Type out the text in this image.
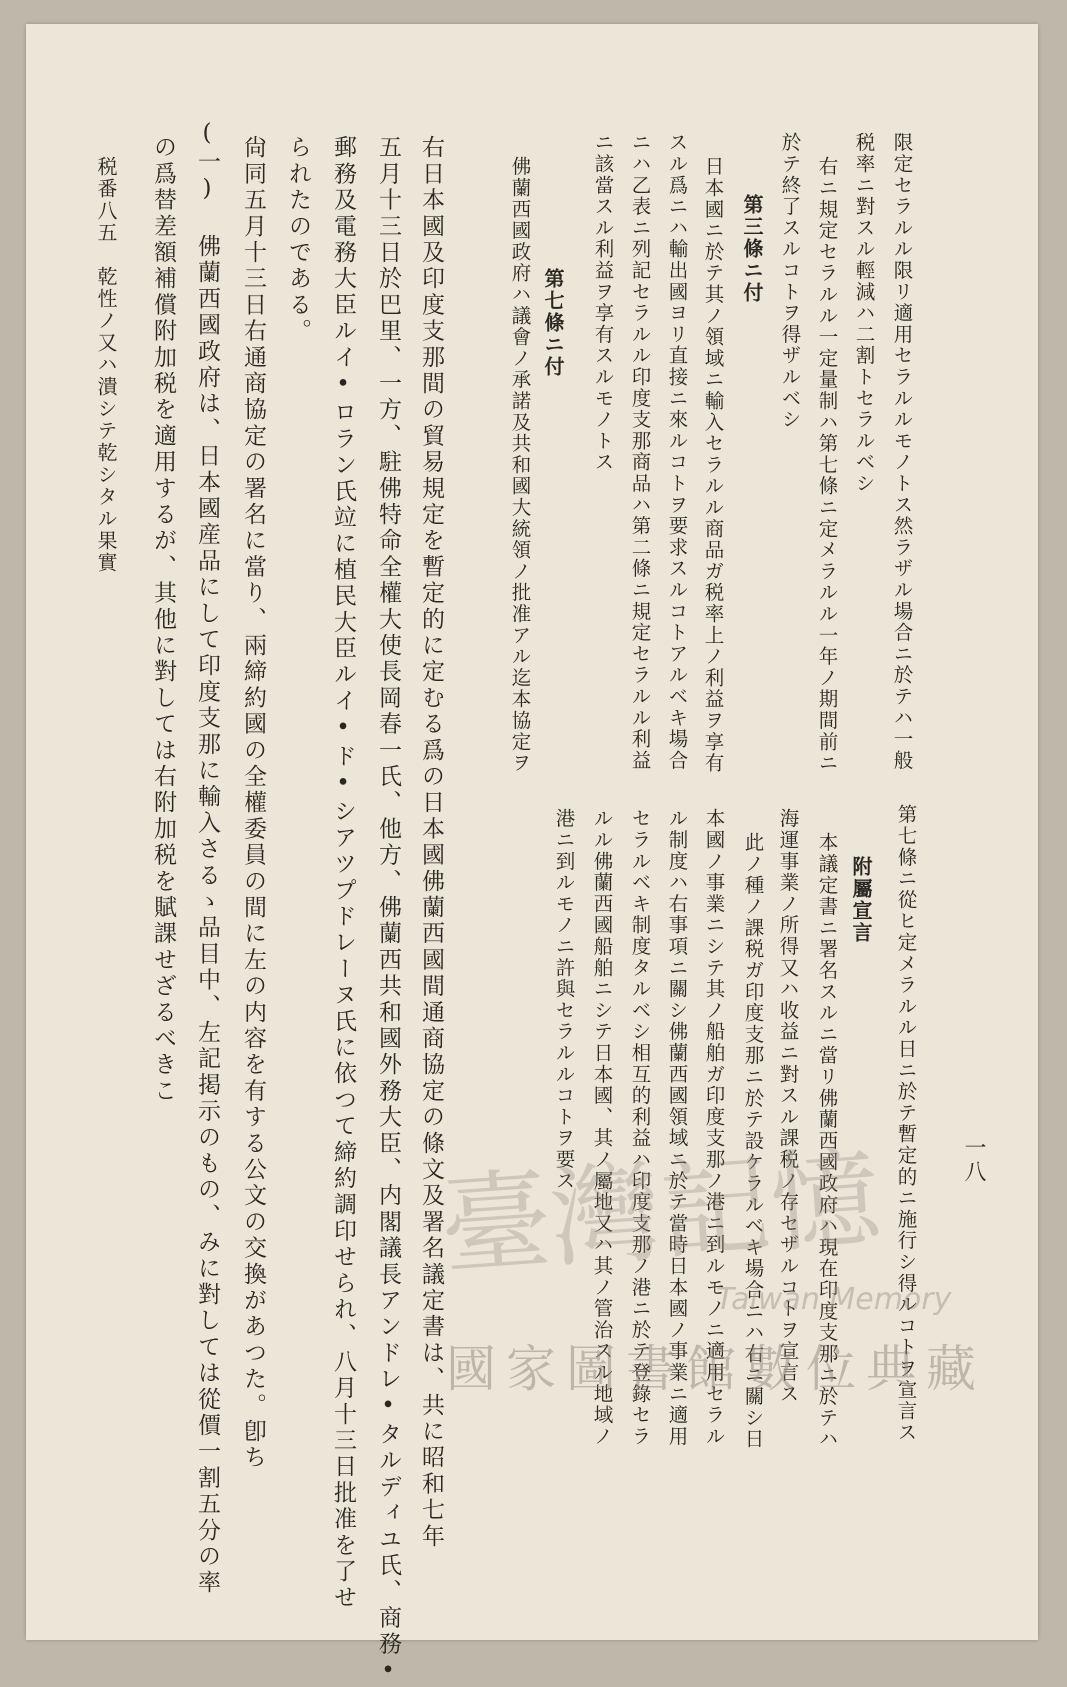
一八
第七條ニ從ヒ定メラルル日ニ於テ暫定的ニ施行シ得ルコトヲ宣言ス
附屬宣言
本議定書ニ署名スルニ當リ佛蘭西國政府ハ現在印度支那ニ於テハ
海運事業ノ所得又ハ收益ニ對スル課税ノ存セザルコトヲ宣言ス
此ノ種ノ課税ガ印度支那ニ於テ設ケラルベキ場合ニハ右ニ關シ日
本國ノ事業ニシテ其ノ船舶ガ印度支那ノ港ニ到ルモノニ適用セラル
ル制度ハ右事項ニ關シ佛蘭西國領域ニ於テ當時日本國ノ事業ニ適用
セラルベキ制度タルベシ相互的利益ハ印度支那ノ港ニ於テ登錄セラ
ルル佛蘭西國船舶ニシテ日本國、其ノ屬地又ハ其ノ管治スル地域ノ
港ニ到ルモノニ許與セラルルコトヲ要ス
限定セラルル限リ適用セラルルモノトス然ラザル場合ニ於テハ一般
税率ニ對スル輕減ハ二割トセラルベシ
右ニ規定セラルル一定量制ハ第七條ニ定メラルル一年ノ期間前ニ
於テ終了スルコトヲ得ザルベシ
第三條ニ付
日本國ニ於テ其ノ領域ニ輸入セラルル商品ガ税率上ノ利益ヲ享有
スル爲ニハ輸出國ヨリ直接ニ來ルコトヲ要求スルコトアルベキ場合
ニハ乙表ニ列記セラルル印度支那商品ハ第二條ニ規定セラルル利益
ニ該當スル利益ヲ享有スルモノトス
第七條ニ付
佛蘭西國政府ハ議會ノ承諾及共和國大統領ノ批准アル迄本協定ヲ
右日本國及印度支那間の貿易規定を暫定的に定むる爲の日本國佛蘭西國間通商協定の條文及署名議定書は、共に昭和七年
五月十三日於巴里、一方、駐佛特命全權大使長岡春一氏、他方、佛蘭西共和國外務大臣、内閣議長アンドレ•タルディユ氏、商務•
郵務及電務大臣ルイ•ロラン氏竝に植民大臣ルイ•ド•シアツプドレーヌ氏に依つて締約調印せられ、八月十三日批准を了せ
られたのである。
尙同五月十三日右通商協定の署名に當り、兩締約國の全權委員の間に左の内容を有する公文の交換があつた。卽ち
(一) 佛蘭西國政府は、日本國産品にして印度支那に輸入さるゝ品目中、左記掲示のもの、みに對しては從價一割五分の率
の爲替差額補償附加税を適用するが、其他に對しては右附加税を賦課せざるべきこ
税番八五　乾性ノ又ハ潰シテ乾シタル果實
臺灣記憶
Taiwan Memory
國家圖書館數位典藏
